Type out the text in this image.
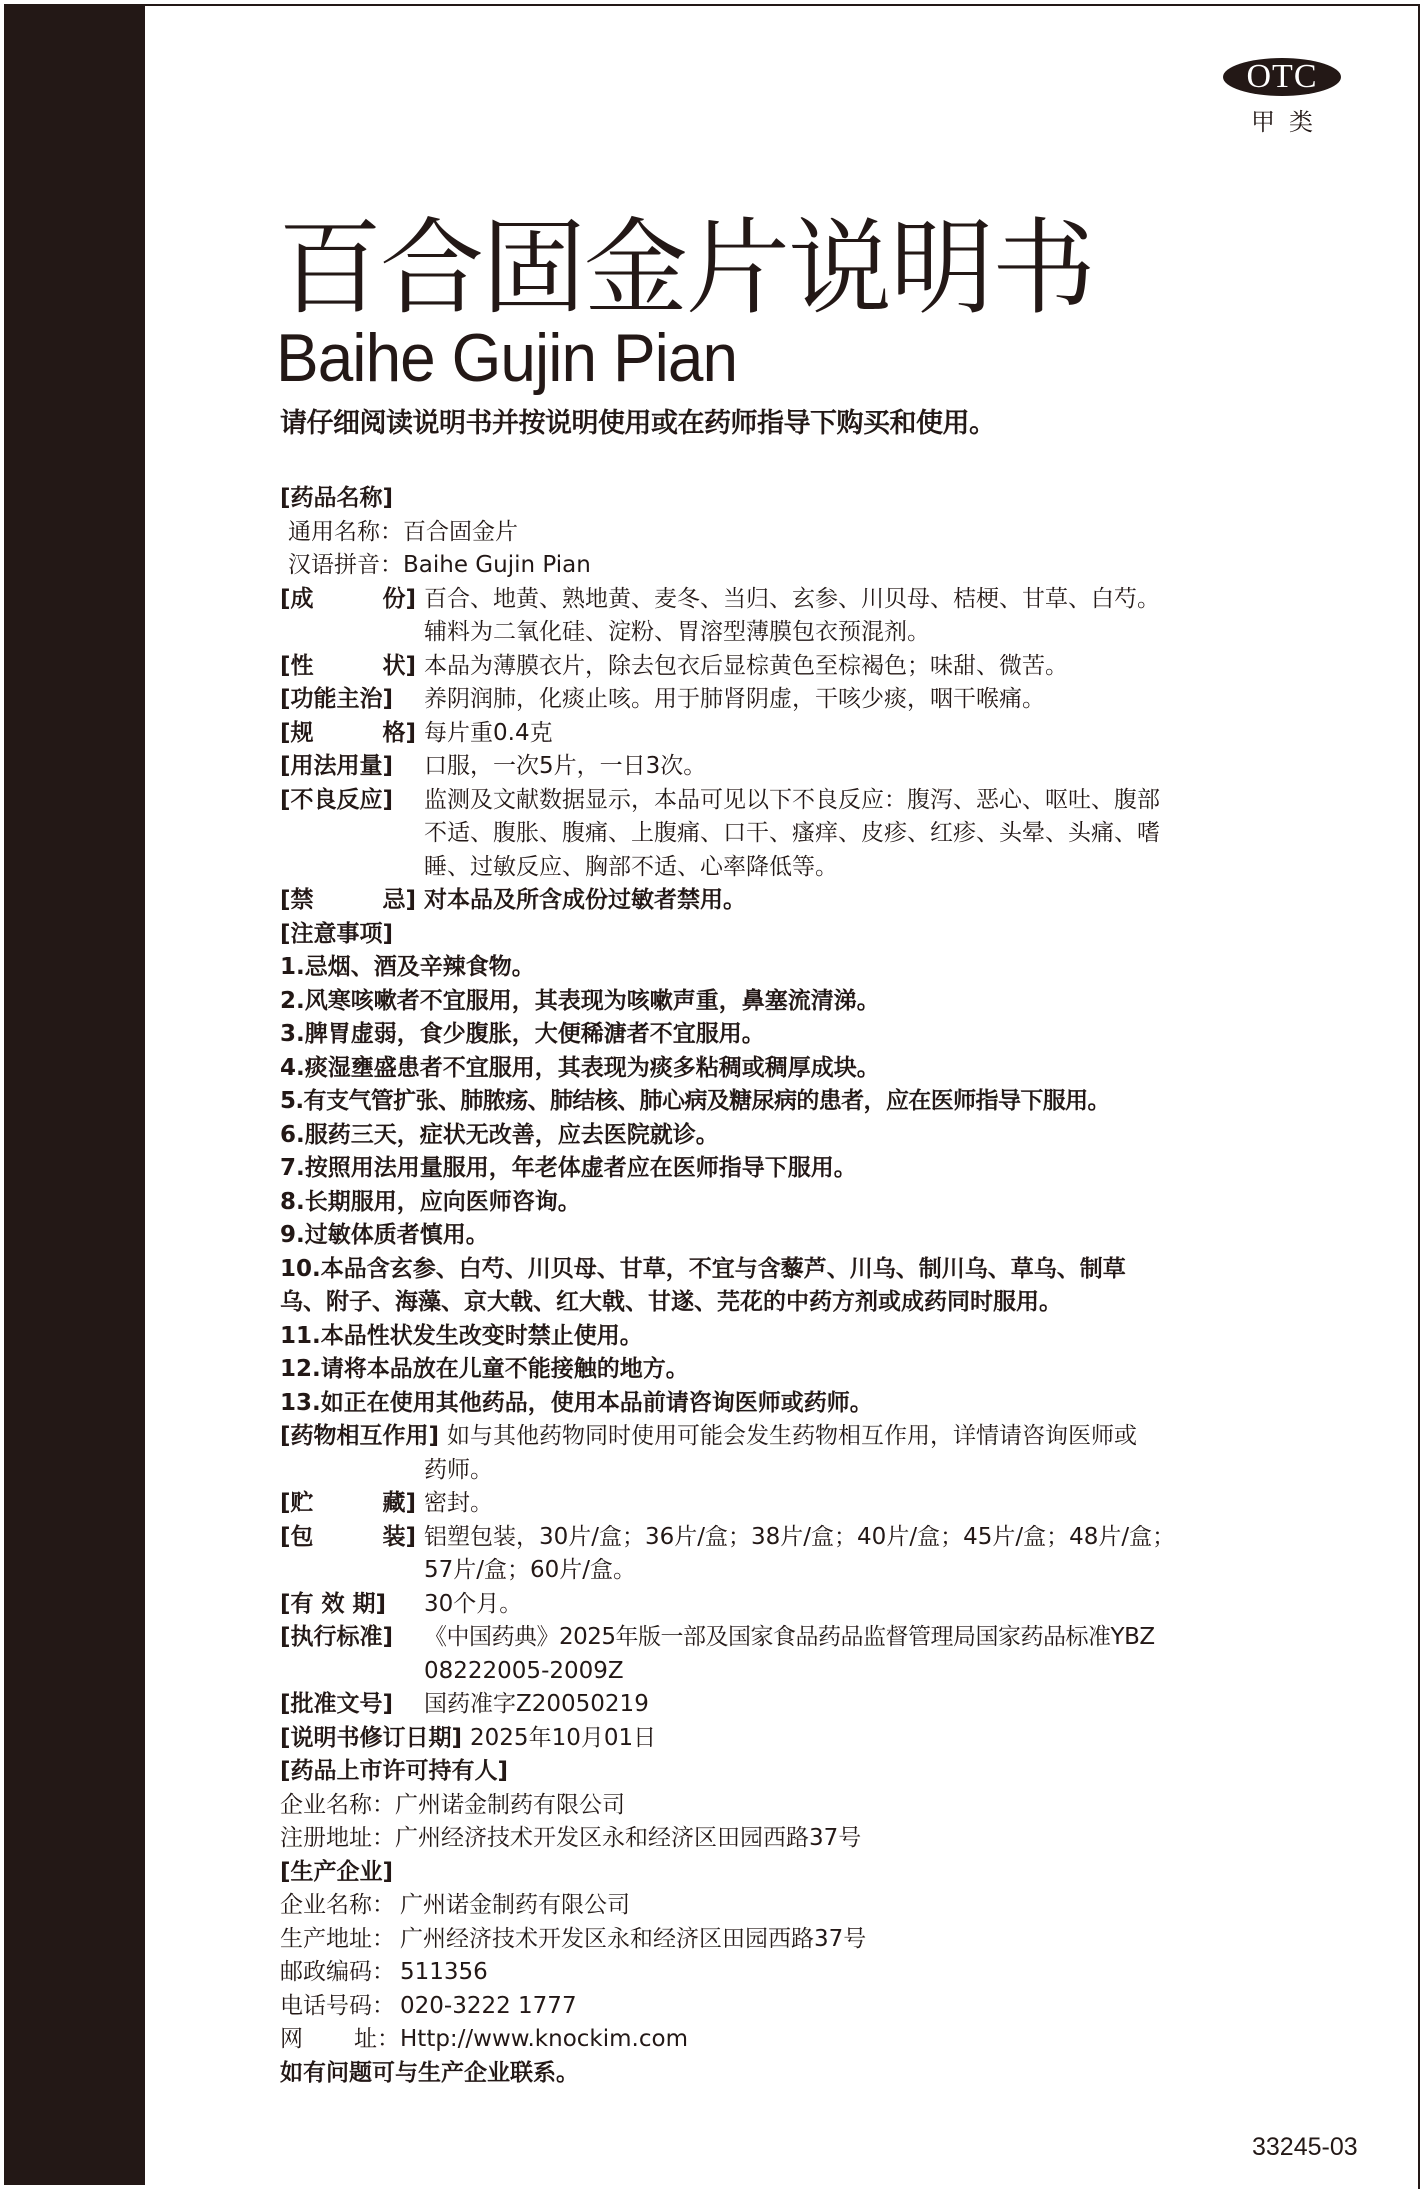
OTC
甲类
百合固金片说明书
Baihe Gujin Pian
请仔细阅读说明书并按说明使用或在药师指导下购买和使用。
[药品名称]
通用名称：百合固金片
汉语拼音：Baihe Gujin Pian
[成	份] 百合、地黄、熟地黄、麦冬、当归、玄参、川贝母、桔梗、甘草、白芍。
辅料为二氧化硅、淀粉、胃溶型薄膜包衣预混剂。
[性	状] 本品为薄膜衣片，除去包衣后显棕黄色至棕褐色；味甜、微苦。
[功能主治]	养阴润肺，化痰止咳。用于肺肾阴虚，干咳少痰，咽干喉痛。
[规	格] 每片重0.4克
[用法用量]	口服，一次5片，一日3次。
[不良反应]	监测及文献数据显示，本品可见以下不良反应：腹泻、恶心、呕吐、腹部
不适、腹胀、腹痛、上腹痛、口干、瘙痒、皮疹、红疹、头晕、头痛、嗜
睡、过敏反应、胸部不适、心率降低等。
[禁	忌] 对本品及所含成份过敏者禁用。
[注意事项]
1.忌烟、酒及辛辣食物。
2.风寒咳嗽者不宜服用，其表现为咳嗽声重，鼻塞流清涕。
3.脾胃虚弱，食少腹胀，大便稀溏者不宜服用。
4.痰湿壅盛患者不宜服用，其表现为痰多粘稠或稠厚成块。
5.有支气管扩张、肺脓疡、肺结核、肺心病及糖尿病的患者，应在医师指导下服用。
6.服药三天，症状无改善，应去医院就诊。
7.按照用法用量服用，年老体虚者应在医师指导下服用。
8.长期服用，应向医师咨询。
9.过敏体质者慎用。
10.本品含玄参、白芍、川贝母、甘草，不宜与含藜芦、川乌、制川乌、草乌、制草
乌、附子、海藻、京大戟、红大戟、甘遂、芫花的中药方剂或成药同时服用。
11.本品性状发生改变时禁止使用。
12.请将本品放在儿童不能接触的地方。
13.如正在使用其他药品，使用本品前请咨询医师或药师。
[药物相互作用] 如与其他药物同时使用可能会发生药物相互作用，详情请咨询医师或
药师。
[贮	藏] 密封。
[包	装] 铝塑包装，30片/盒；36片/盒；38片/盒；40片/盒；45片/盒；48片/盒；
57片/盒；60片/盒。
[有 效 期]	30个月。
[执行标准]	《中国药典》2025年版一部及国家食品药品监督管理局国家药品标准YBZ
08222005-2009Z
[批准文号]	国药准字Z20050219
[说明书修订日期] 2025年10月01日
[药品上市许可持有人]
企业名称：广州诺金制药有限公司
注册地址：广州经济技术开发区永和经济区田园西路37号
[生产企业]
企业名称： 广州诺金制药有限公司
生产地址： 广州经济技术开发区永和经济区田园西路37号
邮政编码： 511356
电话号码： 020-3222 1777
网 址： Http://www.knockim.com
如有问题可与生产企业联系。
33245-03
